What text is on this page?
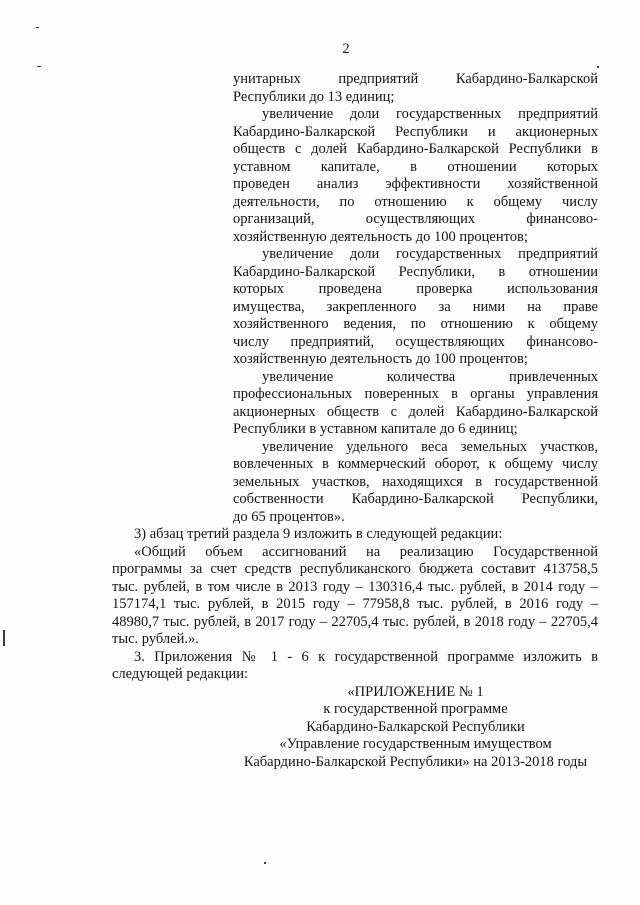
2
унитарных предприятий Кабардино-Балкарской
Республики до 13 единиц;
увеличение доли государственных предприятий
Кабардино-Балкарской Республики и акционерных
обществ с долей Кабардино-Балкарской Республики в
уставном капитале, в отношении которых
проведен анализ эффективности хозяйственной
деятельности, по отношению к общему числу
организаций, осуществляющих финансово-
хозяйственную деятельность до 100 процентов;
увеличение доли государственных предприятий
Кабардино-Балкарской Республики, в отношении
которых проведена проверка использования
имущества, закрепленного за ними на праве
хозяйственного ведения, по отношению к общему
числу предприятий, осуществляющих финансово-
хозяйственную деятельность до 100 процентов;
увеличение количества привлеченных
профессиональных поверенных в органы управления
акционерных обществ с долей Кабардино-Балкарской
Республики в уставном капитале до 6 единиц;
увеличение удельного веса земельных участков,
вовлеченных в коммерческий оборот, к общему числу
земельных участков, находящихся в государственной
собственности Кабардино-Балкарской Республики,
до 65 процентов».
3) абзац третий раздела 9 изложить в следующей редакции:
«Общий объем ассигнований на реализацию Государственной
программы за счет средств республиканского бюджета составит 413758,5
тыс. рублей, в том числе в 2013 году – 130316,4 тыс. рублей, в 2014 году –
157174,1 тыс. рублей, в 2015 году – 77958,8 тыс. рублей, в 2016 году –
48980,7 тыс. рублей, в 2017 году – 22705,4 тыс. рублей, в 2018 году – 22705,4
тыс. рублей.».
3. Приложения № 1 - 6 к государственной программе изложить в
следующей редакции:
«ПРИЛОЖЕНИЕ № 1
к государственной программе
Кабардино-Балкарской Республики
«Управление государственным имуществом
Кабардино-Балкарской Республики» на 2013-2018 годы
